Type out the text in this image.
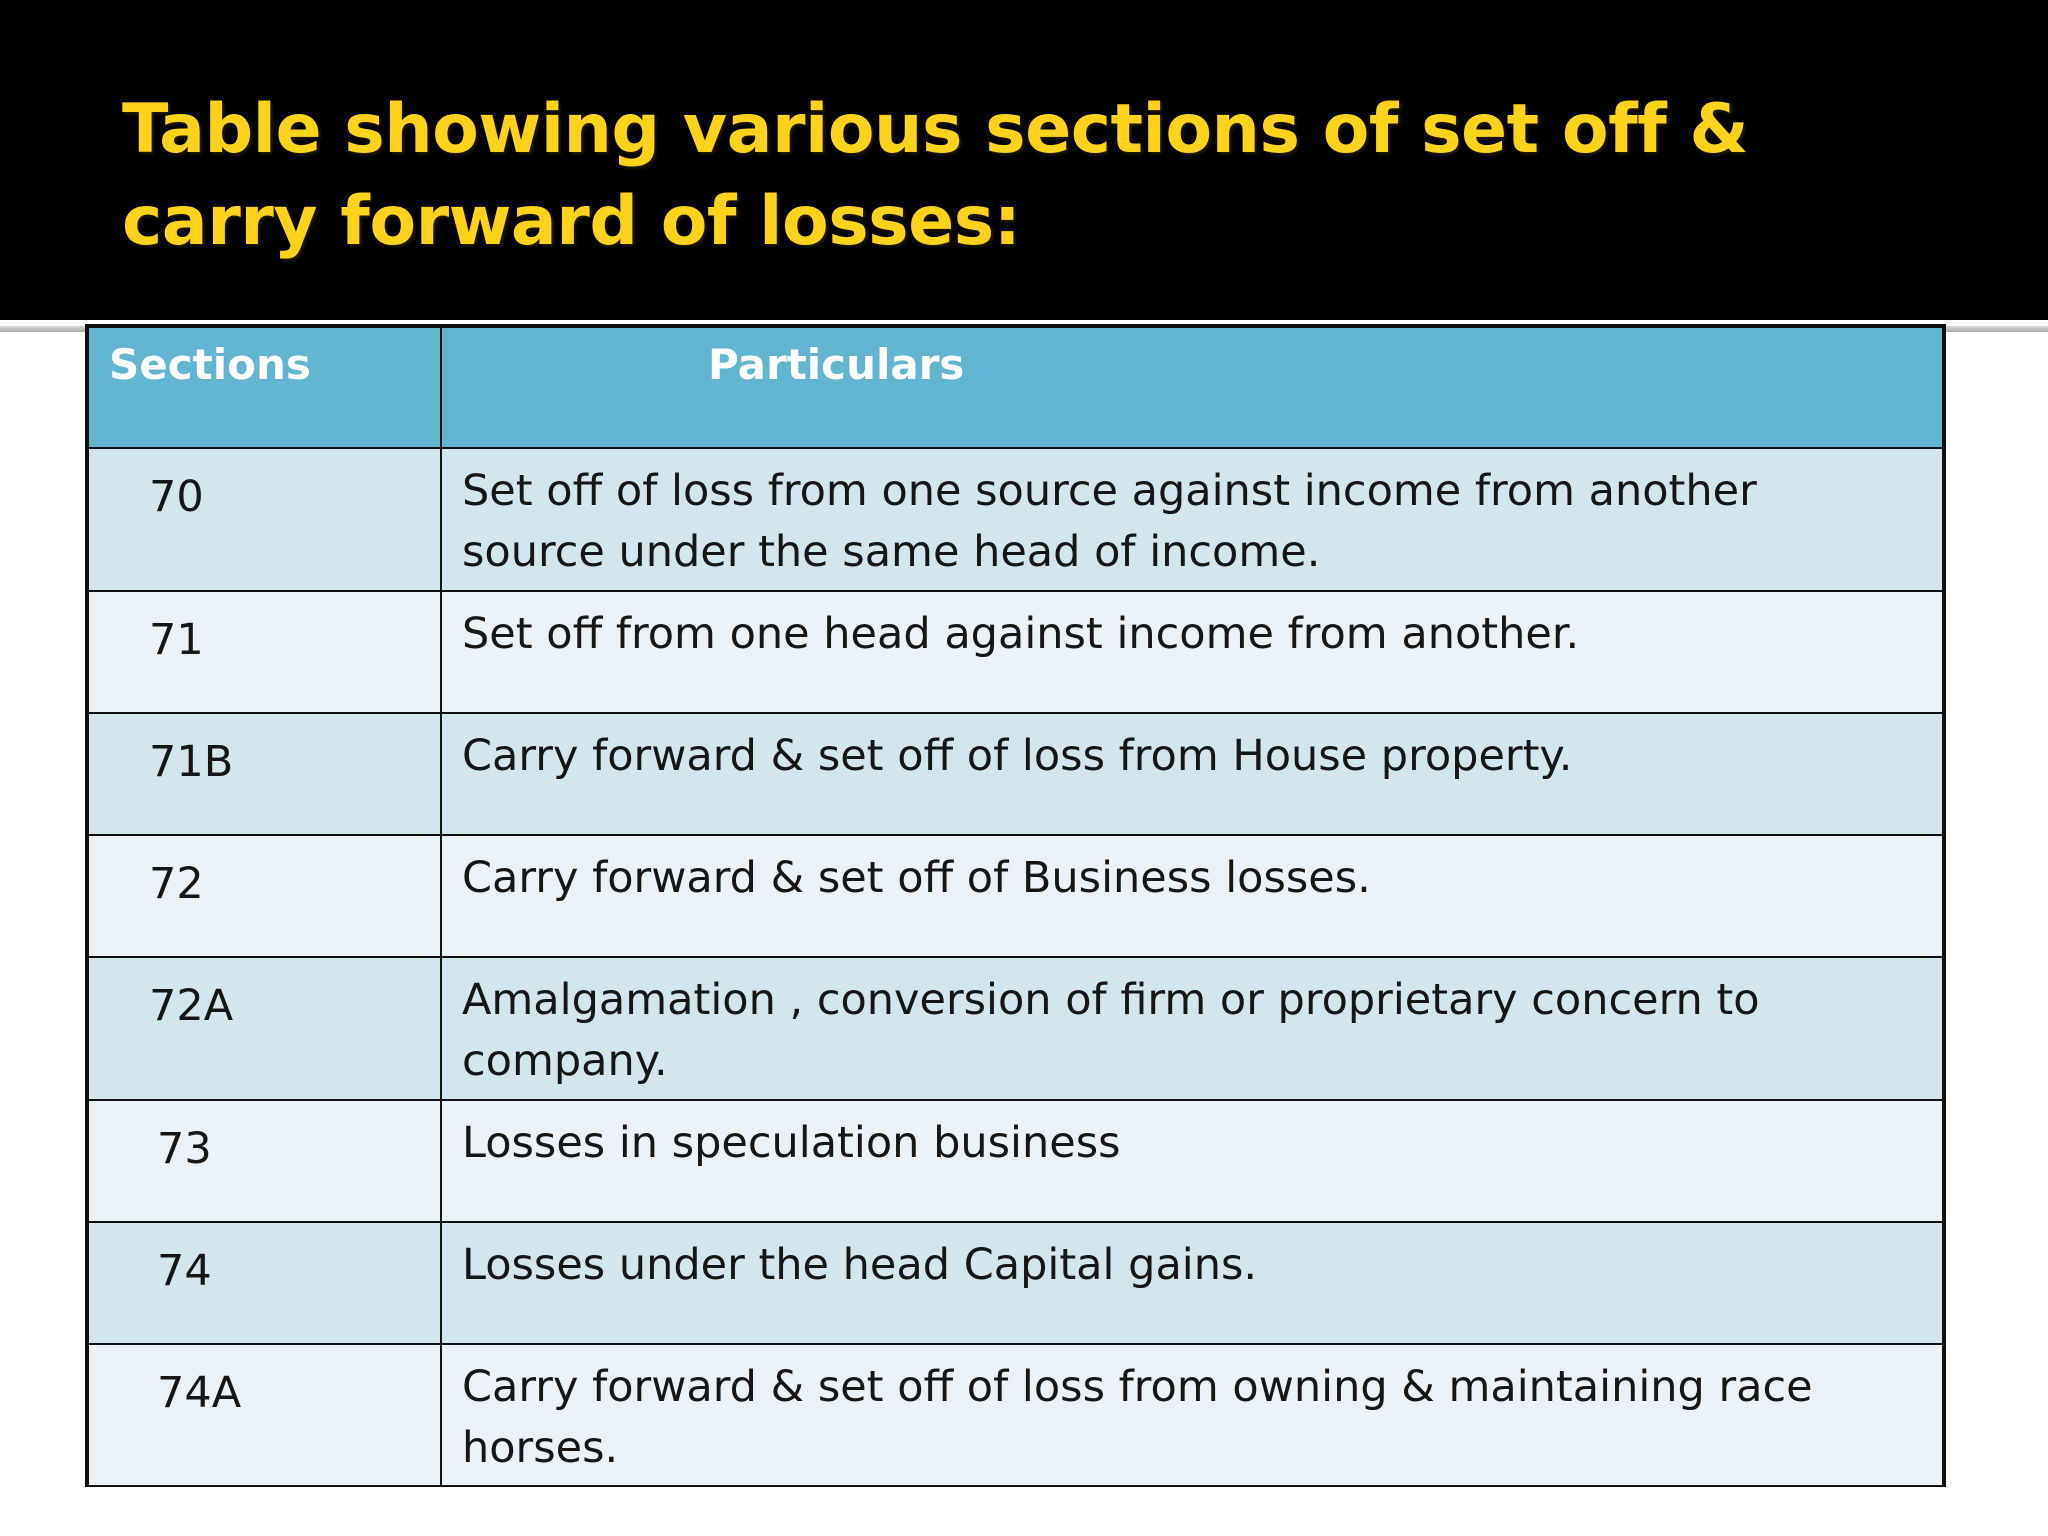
Table showing various sections of set off & carry forward of losses:
Sections	Particulars
70	Set off of loss from one source against income from another source under the same head of income.
71	Set off from one head against income from another.
71B	Carry forward & set off of loss from House property.
72	Carry forward & set off of Business losses.
72A	Amalgamation , conversion of firm or proprietary concern to company.
73	Losses in speculation business
74	Losses under the head Capital gains.
74A	Carry forward & set off of loss from owning & maintaining race horses.
